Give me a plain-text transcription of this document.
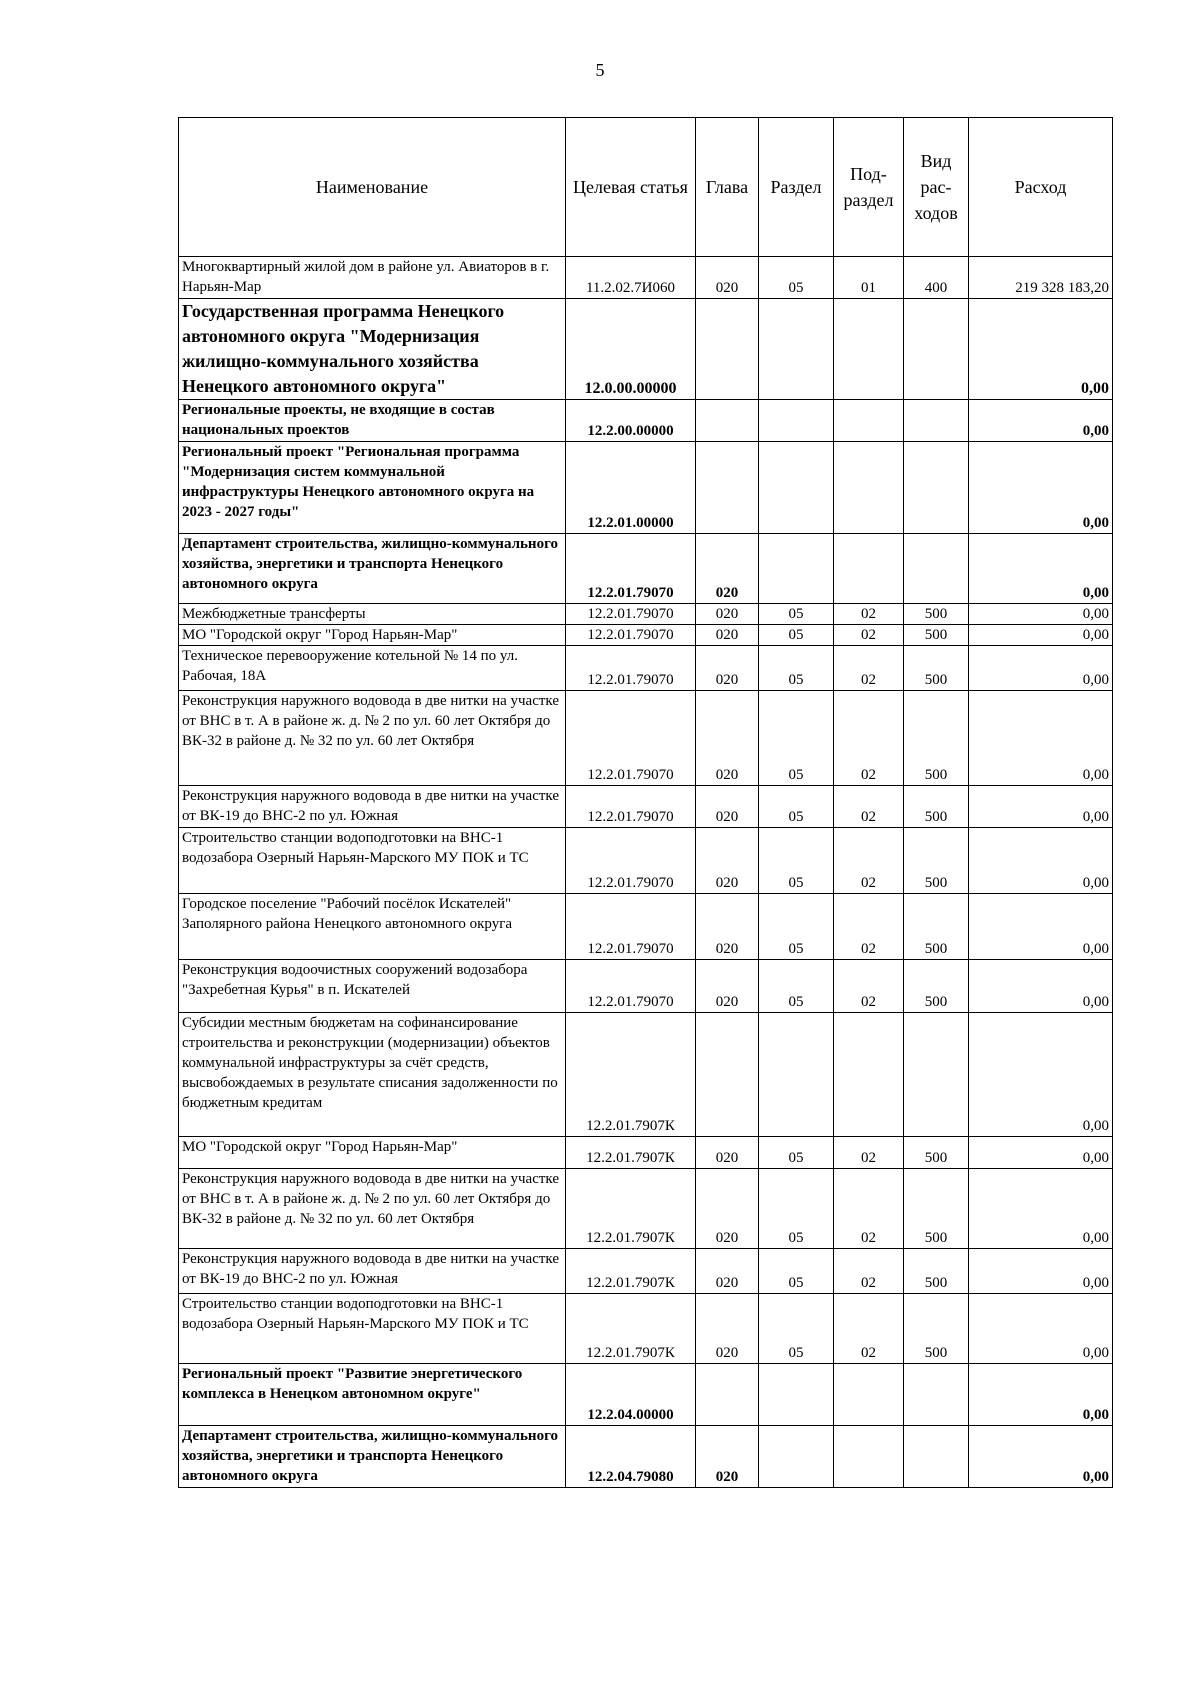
5
Наименование	Целевая статья	Глава	Раздел	Под-раздел	Вид рас-ходов	Расход
Многоквартирный жилой дом в районе ул. Авиаторов в г. Нарьян-Мар	11.2.02.7И060	020	05	01	400	219 328 183,20
Государственная программа Ненецкого автономного округа "Модернизация жилищно-коммунального хозяйства Ненецкого автономного округа"	12.0.00.00000					0,00
Региональные проекты, не входящие в состав национальных проектов	12.2.00.00000					0,00
Региональный проект "Региональная программа "Модернизация систем коммунальной инфраструктуры Ненецкого автономного округа на 2023 - 2027 годы"	12.2.01.00000					0,00
Департамент строительства, жилищно-коммунального хозяйства, энергетики и транспорта Ненецкого автономного округа	12.2.01.79070	020				0,00
Межбюджетные трансферты	12.2.01.79070	020	05	02	500	0,00
МО "Городской округ "Город Нарьян-Мар"	12.2.01.79070	020	05	02	500	0,00
Техническое перевооружение котельной № 14 по ул. Рабочая, 18А	12.2.01.79070	020	05	02	500	0,00
Реконструкция наружного водовода в две нитки на участке от ВНС в т. А в районе ж. д. № 2 по ул. 60 лет Октября до ВК-32 в районе д. № 32 по ул. 60 лет Октября	12.2.01.79070	020	05	02	500	0,00
Реконструкция наружного водовода в две нитки на участке от ВК-19 до ВНС-2 по ул. Южная	12.2.01.79070	020	05	02	500	0,00
Строительство станции водоподготовки на ВНС-1 водозабора Озерный Нарьян-Марского МУ ПОК и ТС	12.2.01.79070	020	05	02	500	0,00
Городское поселение "Рабочий посёлок Искателей" Заполярного района Ненецкого автономного округа	12.2.01.79070	020	05	02	500	0,00
Реконструкция водоочистных сооружений водозабора "Захребетная Курья" в п. Искателей	12.2.01.79070	020	05	02	500	0,00
Субсидии местным бюджетам на софинансирование строительства и реконструкции (модернизации) объектов коммунальной инфраструктуры за счёт средств, высвобождаемых в результате списания задолженности по бюджетным кредитам	12.2.01.7907К					0,00
МО "Городской округ "Город Нарьян-Мар"	12.2.01.7907К	020	05	02	500	0,00
Реконструкция наружного водовода в две нитки на участке от ВНС в т. А в районе ж. д. № 2 по ул. 60 лет Октября до ВК-32 в районе д. № 32 по ул. 60 лет Октября	12.2.01.7907К	020	05	02	500	0,00
Реконструкция наружного водовода в две нитки на участке от ВК-19 до ВНС-2 по ул. Южная	12.2.01.7907К	020	05	02	500	0,00
Строительство станции водоподготовки на ВНС-1 водозабора Озерный Нарьян-Марского МУ ПОК и ТС	12.2.01.7907К	020	05	02	500	0,00
Региональный проект "Развитие энергетического комплекса в Ненецком автономном округе"	12.2.04.00000					0,00
Департамент строительства, жилищно-коммунального хозяйства, энергетики и транспорта Ненецкого автономного округа	12.2.04.79080	020				0,00
